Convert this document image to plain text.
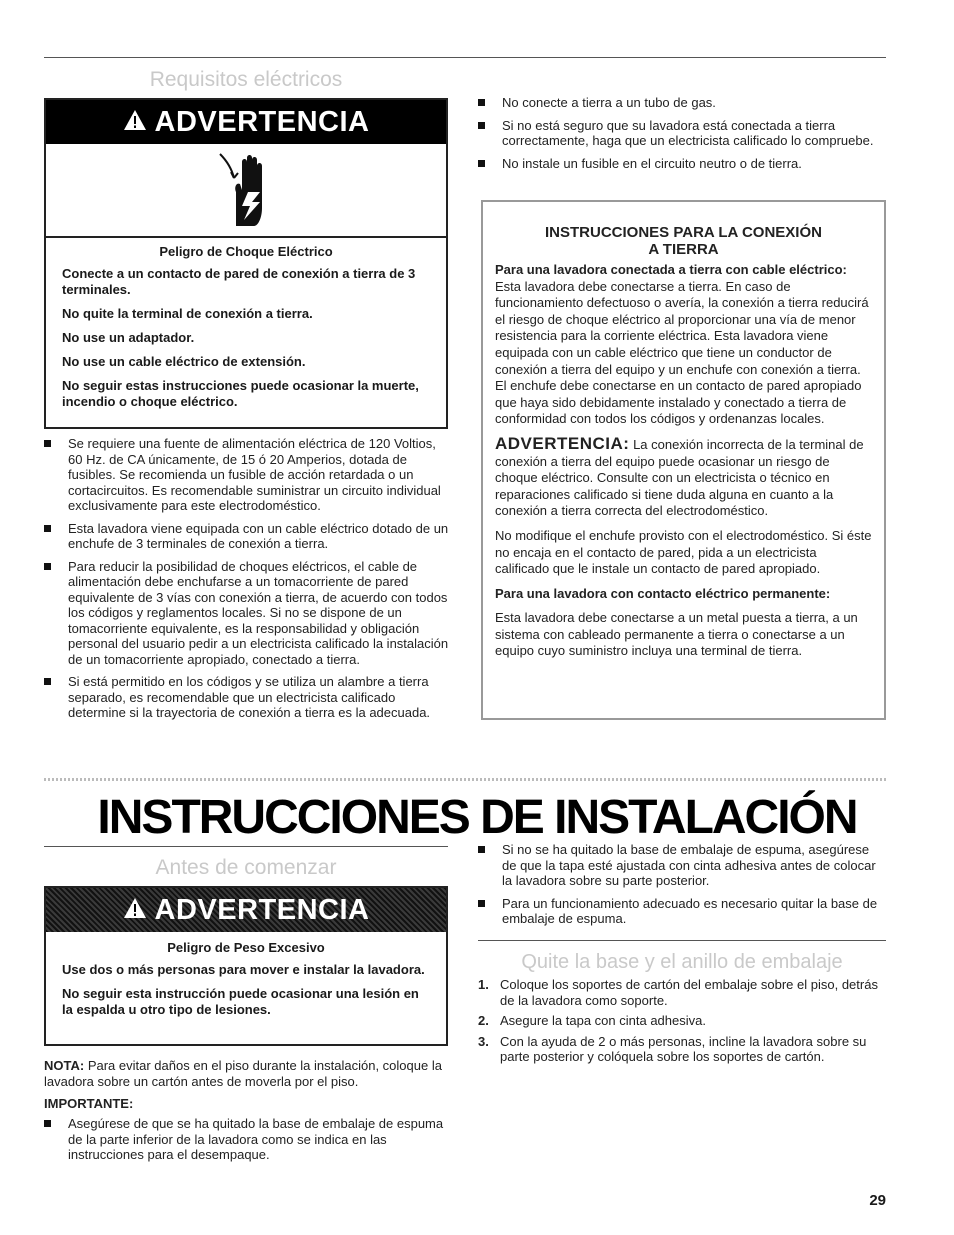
Requisitos eléctricos
ADVERTENCIA
Peligro de Choque Eléctrico

Conecte a un contacto de pared de conexión a tierra de 3 terminales.

No quite la terminal de conexión a tierra.

No use un adaptador.

No use un cable eléctrico de extensión.

No seguir estas instrucciones puede ocasionar la muerte, incendio o choque eléctrico.

Se requiere una fuente de alimentación eléctrica de 120 Voltios, 60 Hz. de CA únicamente, de 15 ó 20 Amperios, dotada de fusibles. Se recomienda un fusible de acción retardada o un cortacircuitos. Es recomendable suministrar un circuito individual exclusivamente para este electrodoméstico.
Esta lavadora viene equipada con un cable eléctrico dotado de un enchufe de 3 terminales de conexión a tierra.
Para reducir la posibilidad de choques eléctricos, el cable de alimentación debe enchufarse a un tomacorriente de pared equivalente de 3 vías con conexión a tierra, de acuerdo con todos los códigos y reglamentos locales. Si no se dispone de un tomacorriente equivalente, es la responsabilidad y obligación personal del usuario pedir a un electricista calificado la instalación de un tomacorriente apropiado, conectado a tierra.
Si está permitido en los códigos y se utiliza un alambre a tierra separado, es recomendable que un electricista calificado determine si la trayectoria de conexión a tierra es la adecuada.
No conecte a tierra a un tubo de gas.
Si no está seguro que su lavadora está conectada a tierra correctamente, haga que un electricista calificado lo compruebe.
No instale un fusible en el circuito neutro o de tierra.
INSTRUCCIONES PARA LA CONEXIÓN
A TIERRA
Para una lavadora conectada a tierra con cable eléctrico:

Esta lavadora debe conectarse a tierra. En caso de funcionamiento defectuoso o avería, la conexión a tierra reducirá el riesgo de choque eléctrico al proporcionar una vía de menor resistencia para la corriente eléctrica. Esta lavadora viene equipada con un cable eléctrico que tiene un conductor de conexión a tierra del equipo y un enchufe con conexión a tierra. El enchufe debe conectarse en un contacto de pared apropiado que haya sido debidamente instalado y conectado a tierra de conformidad con todos los códigos y ordenanzas locales.

ADVERTENCIA: La conexión incorrecta de la terminal de conexión a tierra del equipo puede ocasionar un riesgo de choque eléctrico. Consulte con un electricista o técnico en reparaciones calificado si tiene duda alguna en cuanto a la conexión a tierra correcta del electrodoméstico.

No modifique el enchufe provisto con el electrodoméstico. Si éste no encaja en el contacto de pared, pida a un electricista calificado que le instale un contacto de pared apropiado.

Para una lavadora con contacto eléctrico permanente:

Esta lavadora debe conectarse a un metal puesta a tierra, a un sistema con cableado permanente a tierra o conectarse a un equipo cuyo suministro incluya una terminal de tierra.

INSTRUCCIONES DE INSTALACIÓN
Antes de comenzar
ADVERTENCIA
Peligro de Peso Excesivo

Use dos o más personas para mover e instalar la lavadora.

No seguir esta instrucción puede ocasionar una lesión en la espalda u otro tipo de lesiones.

NOTA: Para evitar daños en el piso durante la instalación, coloque la lavadora sobre un cartón antes de moverla por el piso.
IMPORTANTE:
Asegúrese de que se ha quitado la base de embalaje de espuma de la parte inferior de la lavadora como se indica en las instrucciones para el desempaque.
Si no se ha quitado la base de embalaje de espuma, asegúrese de que la tapa esté ajustada con cinta adhesiva antes de colocar la lavadora sobre su parte posterior.
Para un funcionamiento adecuado es necesario quitar la base de embalaje de espuma.
Quite la base y el anillo de embalaje
1. Coloque los soportes de cartón del embalaje sobre el piso, detrás de la lavadora como soporte.
2. Asegure la tapa con cinta adhesiva.
3. Con la ayuda de 2 o más personas, incline la lavadora sobre su parte posterior y colóquela sobre los soportes de cartón.
29
